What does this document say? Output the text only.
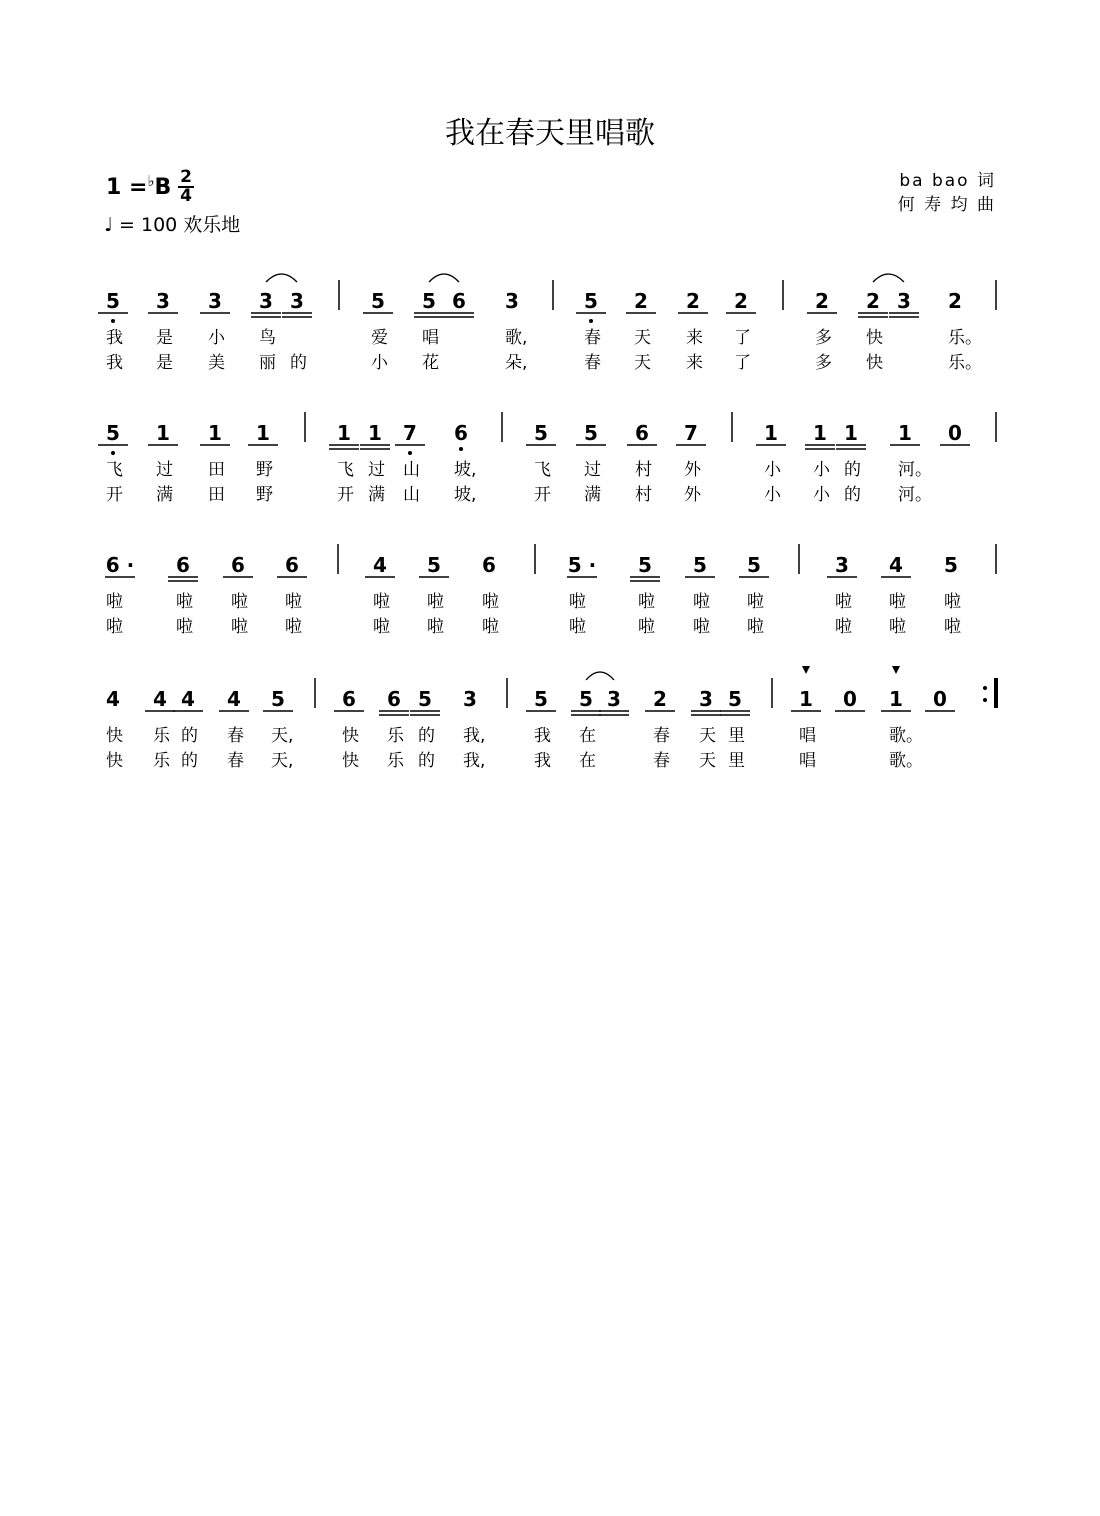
我在春天里唱歌
1 =♭B 2
4
♩ = 100 欢乐地
ba bao 词
何 寿 均 曲
5 3 3 3 3	5 5 6 3	5 2 2 2	2 2 3 2
我 是 小 鸟	爱 唱	歌,	春 天 来 了	多 快	乐。
我 是 美 丽 的	小 花	朵,	春 天 来 了	多 快	乐。
5 1 1 1	1 1 7 6	5 5 6 7	1 1 1 1 0
飞 过 田 野	飞 过 山 坡,	飞 过 村 外	小 小 的 河。
开 满 田 野	开 满 山 坡,	开 满 村 外	小 小 的 河。
6 · 6 6 6	4 5 6	5 · 5 5 5	3 4 5
啦	啦 啦 啦	啦 啦 啦	啦	啦 啦 啦	啦 啦 啦
啦	啦 啦 啦	啦 啦 啦	啦	啦 啦 啦	啦 啦 啦
4 4 4 4 5	6 6 5 3	5 5 3 2 3 5	1 0 1 0
快 乐 的 春 天,	快 乐 的 我,	我 在	春 天 里	唱	歌。
快 乐 的 春 天,	快 乐 的 我,	我 在	春 天 里	唱	歌。
